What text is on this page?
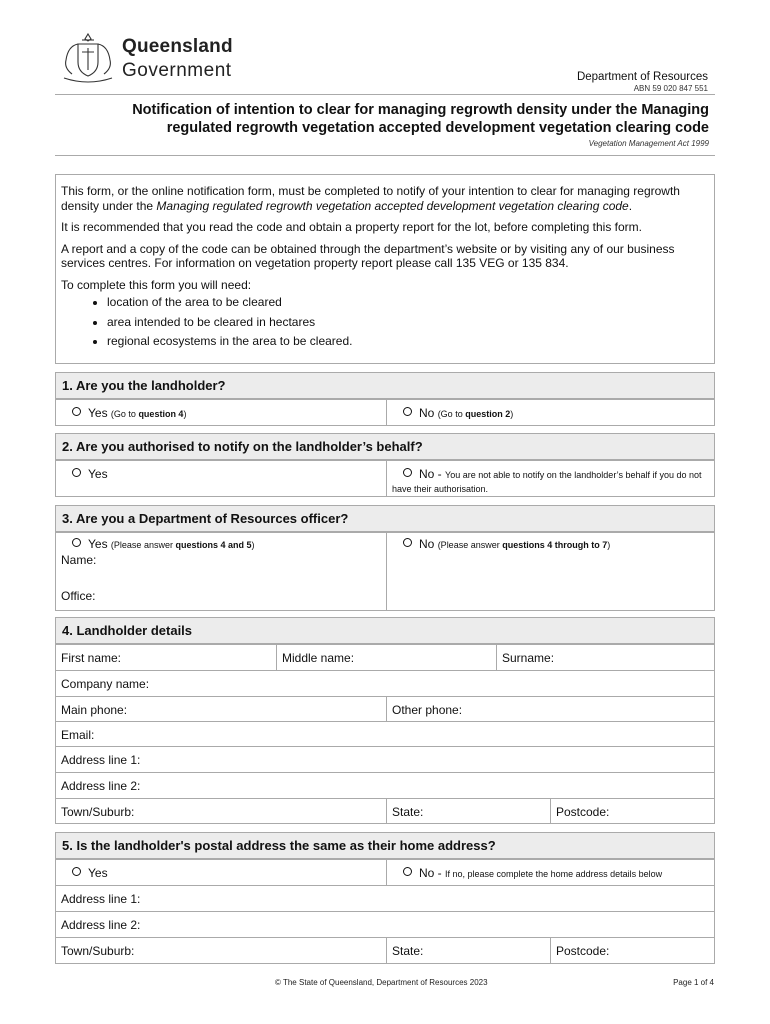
Queensland
Government	Department of Resources
ABN 59 020 847 551
Notification of intention to clear for managing regrowth density under the Managing
regulated regrowth vegetation accepted development vegetation clearing code
Vegetation Management Act 1999

This form, or the online notification form, must be completed to notify of your intention to clear for managing regrowth density under the Managing regulated regrowth vegetation accepted development vegetation clearing code.

It is recommended that you read the code and obtain a property report for the lot, before completing this form.

A report and a copy of the code can be obtained through the department’s website or by visiting any of our business services centres. For information on vegetation property report please call 135 VEG or 135 834.

To complete this form you will need:

• location of the area to be cleared
• area intended to be cleared in hectares
• regional ecosystems in the area to be cleared.
1. Are you the landholder?
Yes (Go to question 4)	No (Go to question 2)
2. Are you authorised to notify on the landholder’s behalf?
Yes	No - You are not able to notify on the landholder’s behalf if you do not have their authorisation.
3. Are you a Department of Resources officer?
Yes (Please answer questions 4 and 5)
Name:
Office:
No (Please answer questions 4 through to 7)
4. Landholder details
First name:	Middle name:	Surname:
Company name:
Main phone:	Other phone:
Email:
Address line 1:
Address line 2:
Town/Suburb:	State:	Postcode:
5. Is the landholder's postal address the same as their home address?
Yes	No - If no, please complete the home address details below
Address line 1:
Address line 2:
Town/Suburb:	State:	Postcode:
© The State of Queensland, Department of Resources 2023	Page 1 of 4
